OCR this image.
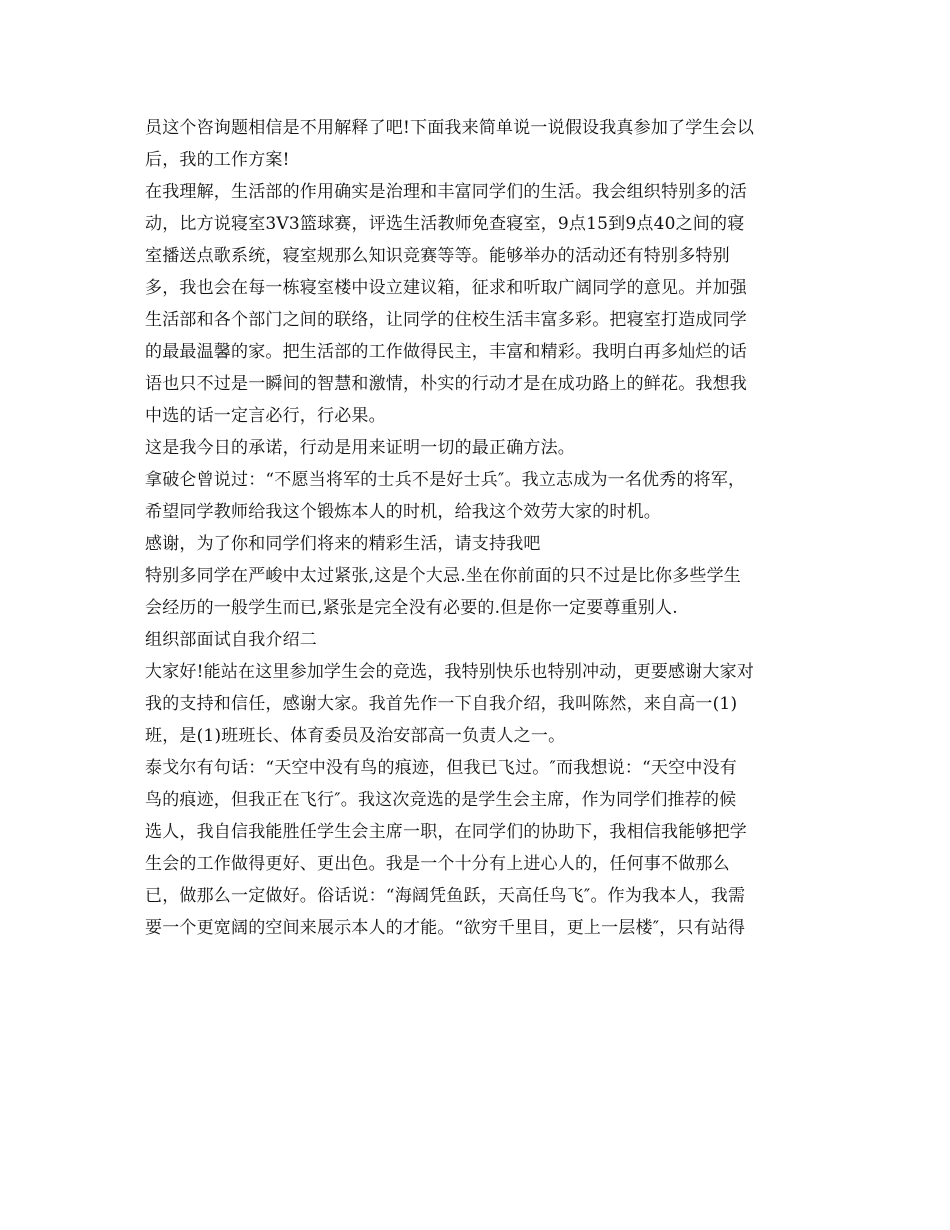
员这个咨询题相信是不用解释了吧!下面我来简单说一说假设我真参加了学生会以
后，我的工作方案!
在我理解，生活部的作用确实是治理和丰富同学们的生活。我会组织特别多的活
动，比方说寝室3V3篮球赛，评选生活教师免查寝室，9点15到9点40之间的寝
室播送点歌系统，寝室规那么知识竞赛等等。能够举办的活动还有特别多特别
多，我也会在每一栋寝室楼中设立建议箱，征求和听取广阔同学的意见。并加强
生活部和各个部门之间的联络，让同学的住校生活丰富多彩。把寝室打造成同学
的最最温馨的家。把生活部的工作做得民主，丰富和精彩。我明白再多灿烂的话
语也只不过是一瞬间的智慧和激情，朴实的行动才是在成功路上的鲜花。我想我
中选的话一定言必行，行必果。
这是我今日的承诺，行动是用来证明一切的最正确方法。
拿破仑曾说过：“不愿当将军的士兵不是好士兵″。我立志成为一名优秀的将军，
希望同学教师给我这个锻炼本人的时机，给我这个效劳大家的时机。
感谢，为了你和同学们将来的精彩生活，请支持我吧
特别多同学在严峻中太过紧张,这是个大忌.坐在你前面的只不过是比你多些学生
会经历的一般学生而已,紧张是完全没有必要的.但是你一定要尊重别人.
组织部面试自我介绍二
大家好!能站在这里参加学生会的竞选，我特别快乐也特别冲动，更要感谢大家对
我的支持和信任，感谢大家。我首先作一下自我介绍，我叫陈然，来自高一(1)
班，是(1)班班长、体育委员及治安部高一负责人之一。
泰戈尔有句话：“天空中没有鸟的痕迹，但我已飞过。″而我想说：“天空中没有
鸟的痕迹，但我正在飞行″。我这次竞选的是学生会主席，作为同学们推荐的候
选人，我自信我能胜任学生会主席一职，在同学们的协助下，我相信我能够把学
生会的工作做得更好、更出色。我是一个十分有上进心人的，任何事不做那么
已，做那么一定做好。俗话说：“海阔凭鱼跃，天高任鸟飞″。作为我本人，我需
要一个更宽阔的空间来展示本人的才能。“欲穷千里目，更上一层楼″，只有站得
